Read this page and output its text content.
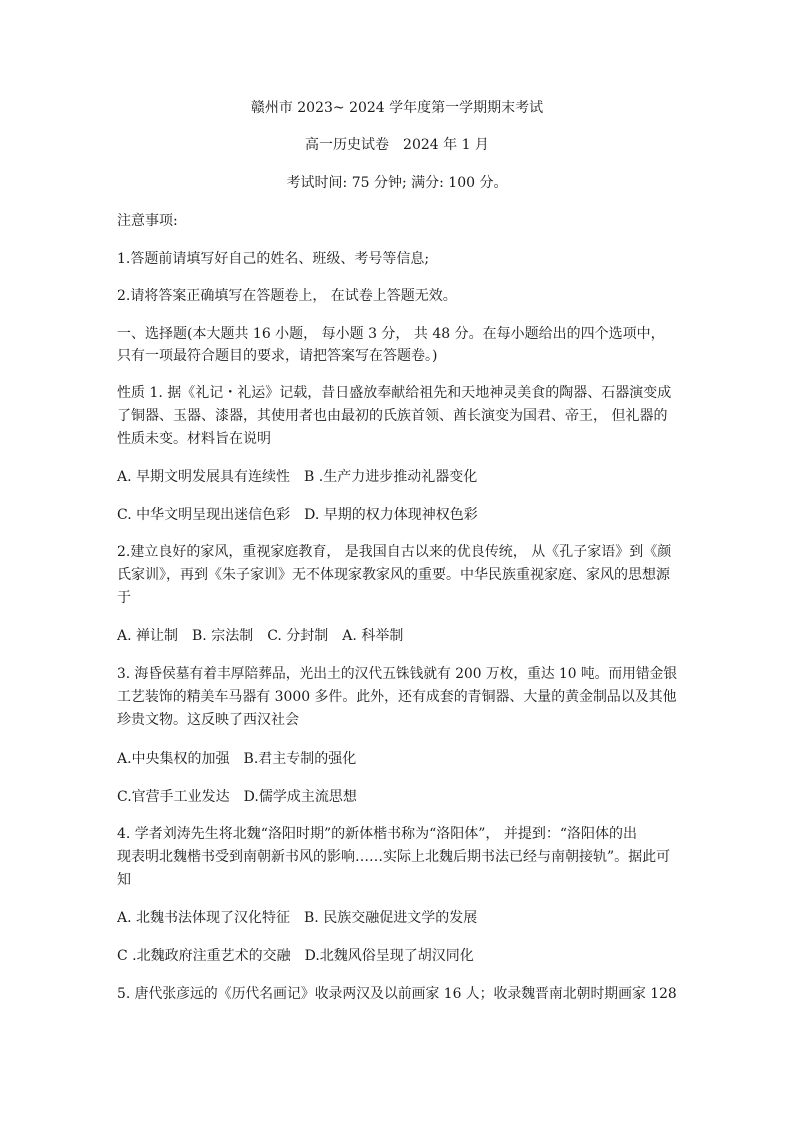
赣州市 2023~ 2024 学年度第一学期期末考试
高一历史试卷　2024 年 1 月
考试时间: 75 分钟; 满分: 100 分。
注意事项:
1.答题前请填写好自己的姓名、班级、考号等信息;
2.请将答案正确填写在答题卷上， 在试卷上答题无效。
一、选择题(本大题共 16 小题， 每小题 3 分， 共 48 分。在每小题给出的四个选项中，
只有一项最符合题目的要求，请把答案写在答题卷。)
性质 1. 据《礼记・礼运》记载，昔日盛放奉献给祖先和天地神灵美食的陶器、石器演变成
了铜器、玉器、漆器，其使用者也由最初的氏族首领、酋长演变为国君、帝王， 但礼器的
性质未变。材料旨在说明
A. 早期文明发展具有连续性　B .生产力进步推动礼器变化
C. 中华文明呈现出迷信色彩　D. 早期的权力体现神权色彩
2.建立良好的家风，重视家庭教育， 是我国自古以来的优良传统， 从《孔子家语》到《颜
氏家训》，再到《朱子家训》无不体现家教家风的重要。中华民族重视家庭、家风的思想源
于
A. 禅让制　B. 宗法制　C. 分封制　A. 科举制
3. 海昏侯墓有着丰厚陪葬品，光出土的汉代五铢钱就有 200 万枚，重达 10 吨。而用错金银
工艺装饰的精美车马器有 3000 多件。此外，还有成套的青铜器、大量的黄金制品以及其他
珍贵文物。这反映了西汉社会
A.中央集权的加强　B.君主专制的强化
C.官营手工业发达　D.儒学成主流思想
4. 学者刘涛先生将北魏“洛阳时期”的新体楷书称为“洛阳体”， 并提到：“洛阳体的出
现表明北魏楷书受到南朝新书风的影响……实际上北魏后期书法已经与南朝接轨”。据此可
知
A. 北魏书法体现了汉化特征　B. 民族交融促进文学的发展
C .北魏政府注重艺术的交融　D.北魏风俗呈现了胡汉同化
5. 唐代张彦远的《历代名画记》收录两汉及以前画家 16 人；收录魏晋南北朝时期画家 128
